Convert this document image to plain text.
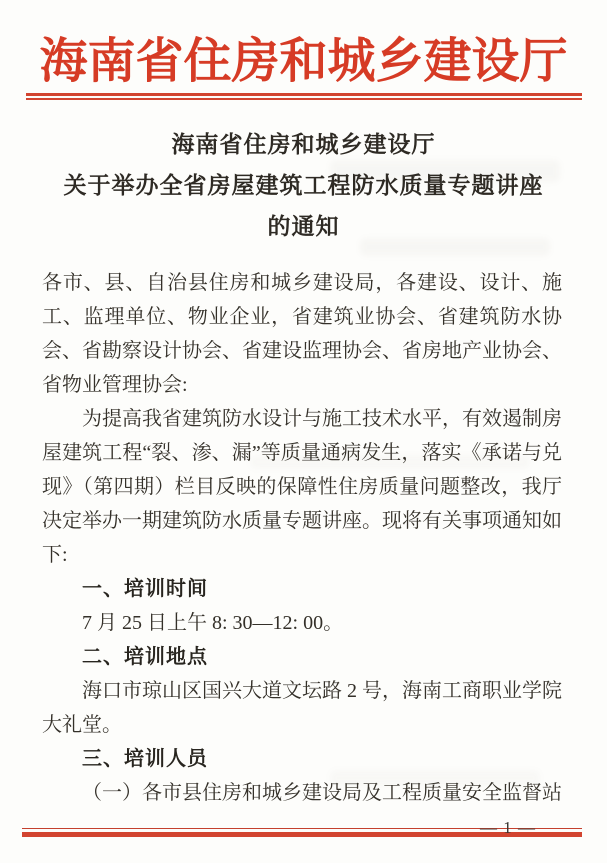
海南省住房和城乡建设厅
海南省住房和城乡建设厅
关于举办全省房屋建筑工程防水质量专题讲座
的通知

各市、县、自治县住房和城乡建设局，各建设、设计、施工、监理单位、物业企业，省建筑业协会、省建筑防水协会、省勘察设计协会、省建设监理协会、省房地产业协会、省物业管理协会:

为提高我省建筑防水设计与施工技术水平，有效遏制房屋建筑工程“裂、渗、漏”等质量通病发生，落实《承诺与兑现》（第四期）栏目反映的保障性住房质量问题整改，我厅决定举办一期建筑防水质量专题讲座。现将有关事项通知如下:

一、培训时间

7 月 25 日上午 8: 30—12: 00。

二、培训地点

海口市琼山区国兴大道文坛路 2 号，海南工商职业学院大礼堂。

三、培训人员

（一）各市县住房和城乡建设局及工程质量安全监督站

— 1 —
